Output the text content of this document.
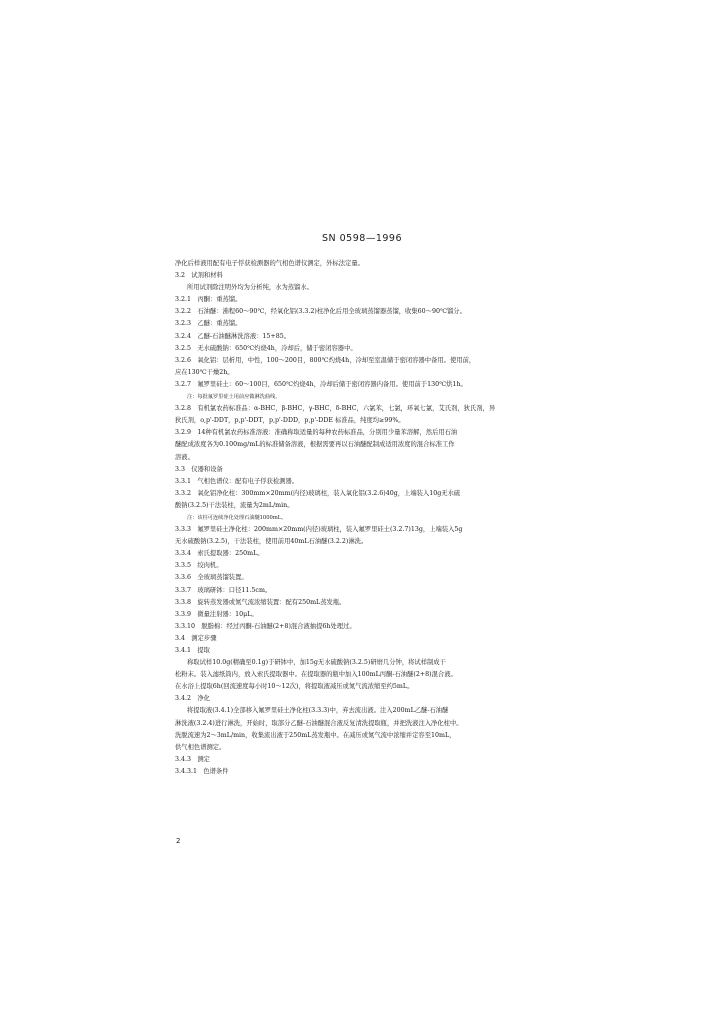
SN 0598—1996
净化后样液用配有电子俘获检测器的气相色谱仪测定，外标法定量。
3.2　试剂和材料
所用试剂除注明外均为分析纯，水为蒸馏水。
3.2.1　丙酮：重蒸馏。
3.2.2　石油醚：沸程60～90℃，经氧化铝(3.3.2)柱净化后用全玻璃蒸馏器蒸馏，收集60～90℃馏分。
3.2.3　乙醚：重蒸馏。
3.2.4　乙醚-石油醚淋洗溶液：15+85。
3.2.5　无水硫酸钠：650℃灼烧4h，冷却后，储于密闭容器中。
3.2.6　氧化铝：层析用，中性，100～200目，800℃灼烧4h，冷却至室温储于密闭容器中备用。使用前，
应在130℃干燥2h。
3.2.7　氟罗里硅土：60～100目，650℃灼烧4h，冷却后储于密闭容器内备用。使用前于130℃烘1h。
注：每批氟罗里硅土用前应做淋洗曲线。
3.2.8　有机氯农药标准品：α-BHC，β-BHC，γ-BHC，δ-BHC，六氯苯，七氯，环氧七氯，艾氏剂，狄氏剂，异
狄氏剂，o,p'-DDT，p,p'-DDT，p,p'-DDD，p,p'-DDE 标准品，纯度均≥99%。
3.2.9　14种有机氯农药标准溶液：准确称取适量的每种农药标准品，分别用少量苯溶解，然后用石油
醚配成浓度各为0.100mg/mL的标准储备溶液，根据需要再以石油醚配制成适用浓度的混合标准工作
溶液。
3.3　仪器和设备
3.3.1　气相色谱仪：配有电子俘获检测器。
3.3.2　氧化铝净化柱：300mm×20mm(内径)玻璃柱，装入氧化铝(3.2.6)40g，上端装入10g无水硫
酸钠(3.2.5)干法装柱，流量为2mL/min。
注：该柱可连续净化处理石油醚1000mL。
3.3.3　氟罗里硅土净化柱：200mm×20mm(内径)玻璃柱，装入氟罗里硅土(3.2.7)13g，上端装入5g
无水硫酸钠(3.2.5)，干法装柱，使用前用40mL石油醚(3.2.2)淋洗。
3.3.4　索氏提取器：250mL。
3.3.5　绞肉机。
3.3.6　全玻璃蒸馏装置。
3.3.7　玻璃研钵：口径11.5cm。
3.3.8　旋转蒸发器或氮气流浓缩装置：配有250mL蒸发瓶。
3.3.9　微量注射器：10μL。
3.3.10　脱脂棉：经过丙酮-石油醚(2+8)混合液抽提6h处理过。
3.4　测定步骤
3.4.1　提取
称取试样10.0g(精确至0.1g)于研钵中，加15g无水硫酸钠(3.2.5)研磨几分钟，将试样制成干
松粉末。装入滤纸筒内，放入索氏提取器中。在提取器的瓶中加入100mL丙酮-石油醚(2+8)混合液。
在水浴上提取6h(回流速度每小时10～12次)，将提取液减压或氮气流浓缩至约5mL。
3.4.2　净化
将提取液(3.4.1)全部移入氟罗里硅土净化柱(3.3.3)中，弃去流出液。注入200mL乙醚-石油醚
淋洗液(3.2.4)进行淋洗，开始时，取部分乙醚-石油醚混合液反复清洗提取瓶，并把洗液注入净化柱中。
洗脱流速为2～3mL/min，收集流出液于250mL蒸发瓶中。在减压或氮气流中浓缩并定容至10mL，
供气相色谱测定。
3.4.3　测定
3.4.3.1　色谱条件
2
